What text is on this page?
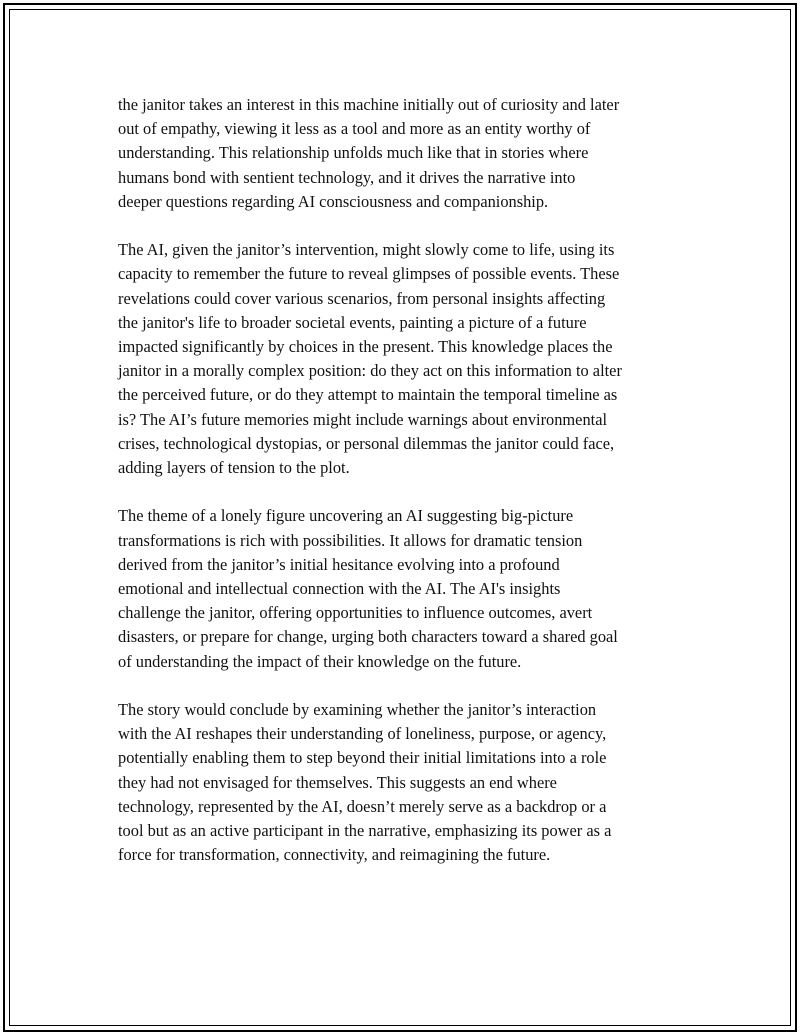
the janitor takes an interest in this machine initially out of curiosity and later
out of empathy, viewing it less as a tool and more as an entity worthy of
understanding. This relationship unfolds much like that in stories where
humans bond with sentient technology, and it drives the narrative into
deeper questions regarding AI consciousness and companionship.

The AI, given the janitor’s intervention, might slowly come to life, using its
capacity to remember the future to reveal glimpses of possible events. These
revelations could cover various scenarios, from personal insights affecting
the janitor's life to broader societal events, painting a picture of a future
impacted significantly by choices in the present. This knowledge places the
janitor in a morally complex position: do they act on this information to alter
the perceived future, or do they attempt to maintain the temporal timeline as
is? The AI’s future memories might include warnings about environmental
crises, technological dystopias, or personal dilemmas the janitor could face,
adding layers of tension to the plot.

The theme of a lonely figure uncovering an AI suggesting big-picture
transformations is rich with possibilities. It allows for dramatic tension
derived from the janitor’s initial hesitance evolving into a profound
emotional and intellectual connection with the AI. The AI's insights
challenge the janitor, offering opportunities to influence outcomes, avert
disasters, or prepare for change, urging both characters toward a shared goal
of understanding the impact of their knowledge on the future.

The story would conclude by examining whether the janitor’s interaction
with the AI reshapes their understanding of loneliness, purpose, or agency,
potentially enabling them to step beyond their initial limitations into a role
they had not envisaged for themselves. This suggests an end where
technology, represented by the AI, doesn’t merely serve as a backdrop or a
tool but as an active participant in the narrative, emphasizing its power as a
force for transformation, connectivity, and reimagining the future.
